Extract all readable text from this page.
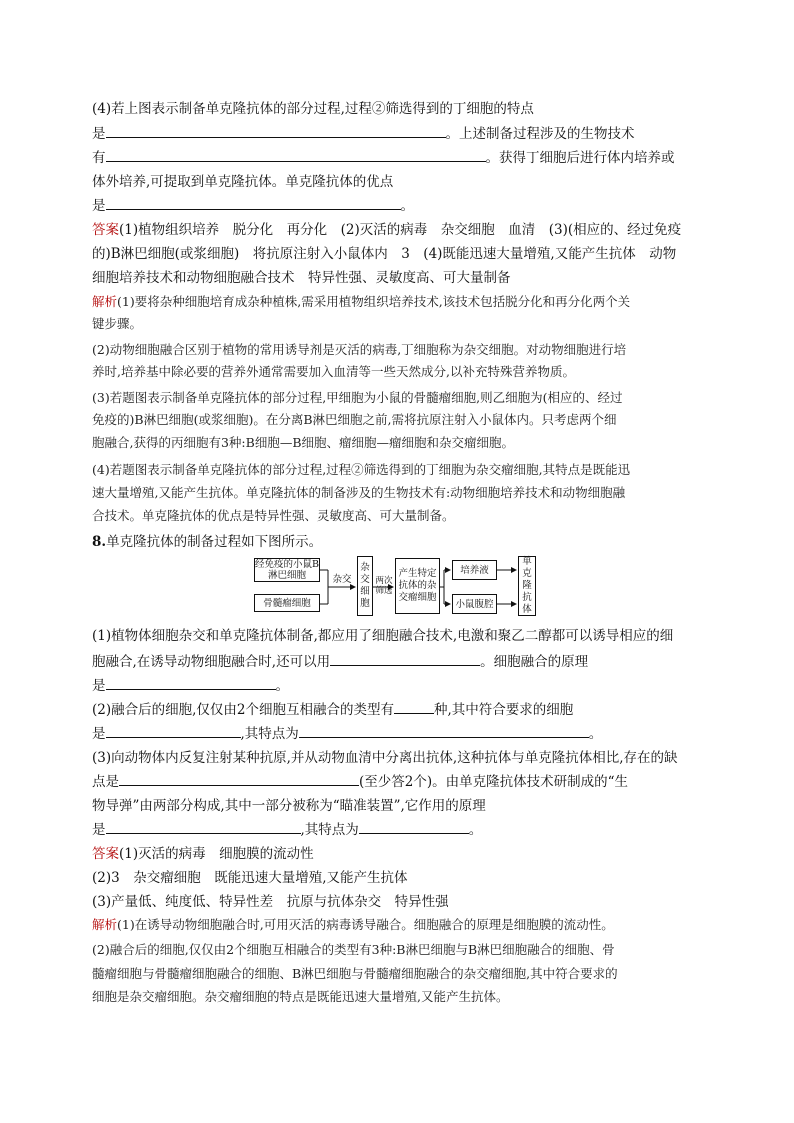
(4)若上图表示制备单克隆抗体的部分过程,过程②筛选得到的丁细胞的特点
是	。上述制备过程涉及的生物技术
有	。获得丁细胞后进行体内培养或
体外培养,可提取到单克隆抗体。单克隆抗体的优点
是	。
答案(1)植物组织培养　脱分化　再分化　(2)灭活的病毒　杂交细胞　血清　(3)(相应的、经过免疫
的)B淋巴细胞(或浆细胞)　将抗原注射入小鼠体内　3　(4)既能迅速大量增殖,又能产生抗体　动物
细胞培养技术和动物细胞融合技术　特异性强、灵敏度高、可大量制备
解析(1)要将杂种细胞培育成杂种植株,需采用植物组织培养技术,该技术包括脱分化和再分化两个关
键步骤。
(2)动物细胞融合区别于植物的常用诱导剂是灭活的病毒,丁细胞称为杂交细胞。对动物细胞进行培
养时,培养基中除必要的营养外通常需要加入血清等一些天然成分,以补充特殊营养物质。
(3)若题图表示制备单克隆抗体的部分过程,甲细胞为小鼠的骨髓瘤细胞,则乙细胞为(相应的、经过
免疫的)B淋巴细胞(或浆细胞)。在分离B淋巴细胞之前,需将抗原注射入小鼠体内。只考虑两个细
胞融合,获得的丙细胞有3种:B细胞—B细胞、瘤细胞—瘤细胞和杂交瘤细胞。
(4)若题图表示制备单克隆抗体的部分过程,过程②筛选得到的丁细胞为杂交瘤细胞,其特点是既能迅
速大量增殖,又能产生抗体。单克隆抗体的制备涉及的生物技术有:动物细胞培养技术和动物细胞融
合技术。单克隆抗体的优点是特异性强、灵敏度高、可大量制备。
8.单克隆抗体的制备过程如下图所示。
经免疫的小鼠B淋巴细胞
骨髓瘤细胞
杂交
杂交细胞
两次筛选
产生特定抗体的杂交瘤细胞
培养液
小鼠腹腔
单克隆抗体
(1)植物体细胞杂交和单克隆抗体制备,都应用了细胞融合技术,电激和聚乙二醇都可以诱导相应的细
胞融合,在诱导动物细胞融合时,还可以用	。细胞融合的原理
是	。
(2)融合后的细胞,仅仅由2个细胞互相融合的类型有	种,其中符合要求的细胞
是	,其特点为	。
(3)向动物体内反复注射某种抗原,并从动物血清中分离出抗体,这种抗体与单克隆抗体相比,存在的缺
点是	(至少答2个)。由单克隆抗体技术研制成的“生
物导弹”由两部分构成,其中一部分被称为“瞄准装置”,它作用的原理
是	,其特点为	。
答案(1)灭活的病毒　细胞膜的流动性
(2)3　杂交瘤细胞　既能迅速大量增殖,又能产生抗体
(3)产量低、纯度低、特异性差　抗原与抗体杂交　特异性强
解析(1)在诱导动物细胞融合时,可用灭活的病毒诱导融合。细胞融合的原理是细胞膜的流动性。
(2)融合后的细胞,仅仅由2个细胞互相融合的类型有3种:B淋巴细胞与B淋巴细胞融合的细胞、骨
髓瘤细胞与骨髓瘤细胞融合的细胞、B淋巴细胞与骨髓瘤细胞融合的杂交瘤细胞,其中符合要求的
细胞是杂交瘤细胞。杂交瘤细胞的特点是既能迅速大量增殖,又能产生抗体。
